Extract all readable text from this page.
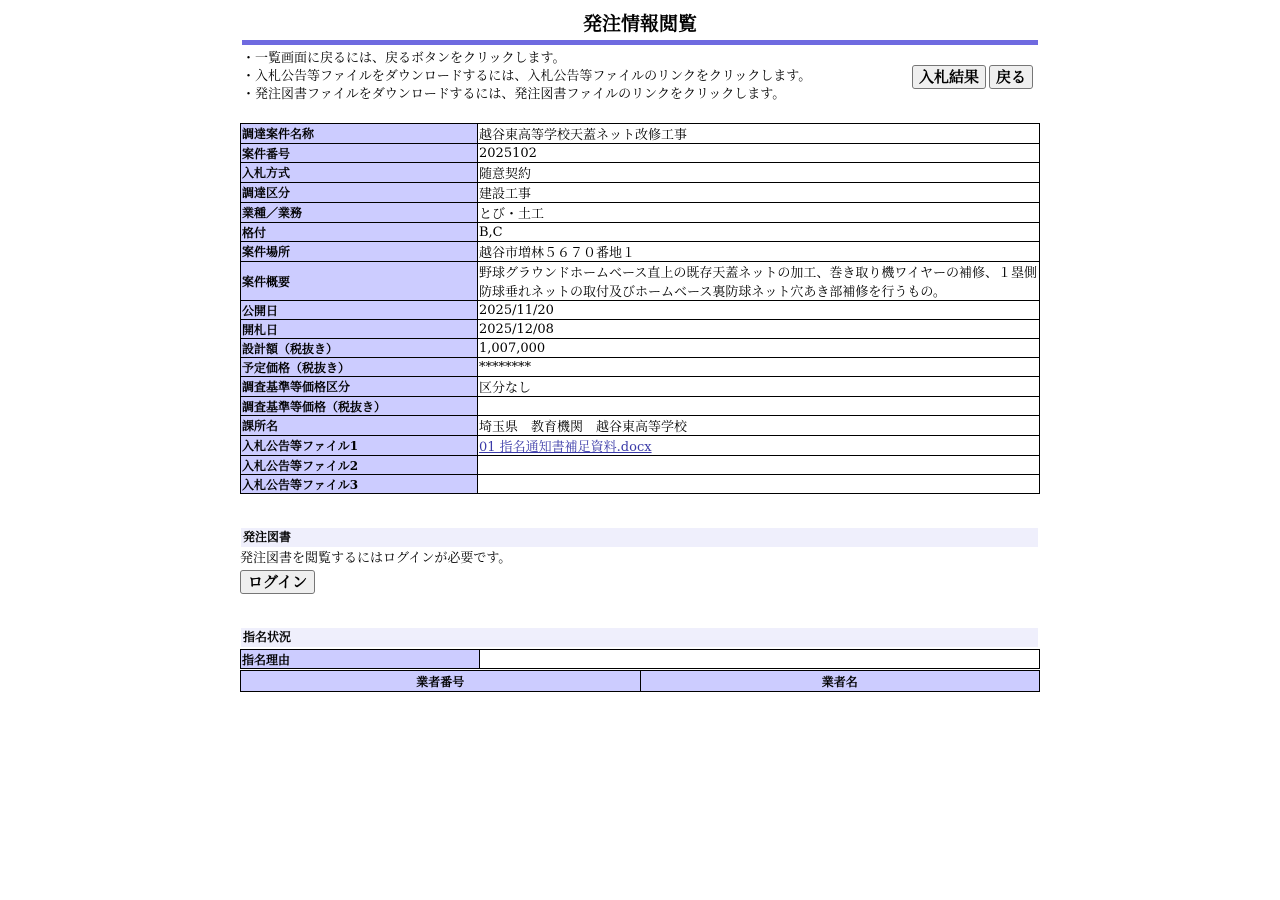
発注情報閲覧
・一覧画面に戻るには、戻るボタンをクリックします。
・入札公告等ファイルをダウンロードするには、入札公告等ファイルのリンクをクリックします。
・発注図書ファイルをダウンロードするには、発注図書ファイルのリンクをクリックします。
入札結果	戻る
調達案件名称	越谷東高等学校天蓋ネット改修工事
案件番号	2025102
入札方式	随意契約
調達区分	建設工事
業種／業務	とび・土工
格付	B,C
案件場所	越谷市増林５６７０番地１
案件概要	野球グラウンドホームベース直上の既存天蓋ネットの加工、巻き取り機ワイヤーの補修、１塁側防球垂れネットの取付及びホームベース裏防球ネット穴あき部補修を行うもの。
公開日	2025/11/20
開札日	2025/12/08
設計額（税抜き）	1,007,000
予定価格（税抜き）	********
調査基準等価格区分	区分なし
調査基準等価格（税抜き）	
課所名	埼玉県　教育機関　越谷東高等学校
入札公告等ファイル1	01 指名通知書補足資料.docx
入札公告等ファイル2	
入札公告等ファイル3	
発注図書
発注図書を閲覧するにはログインが必要です。
ログイン
指名状況
指名理由	
業者番号	業者名
